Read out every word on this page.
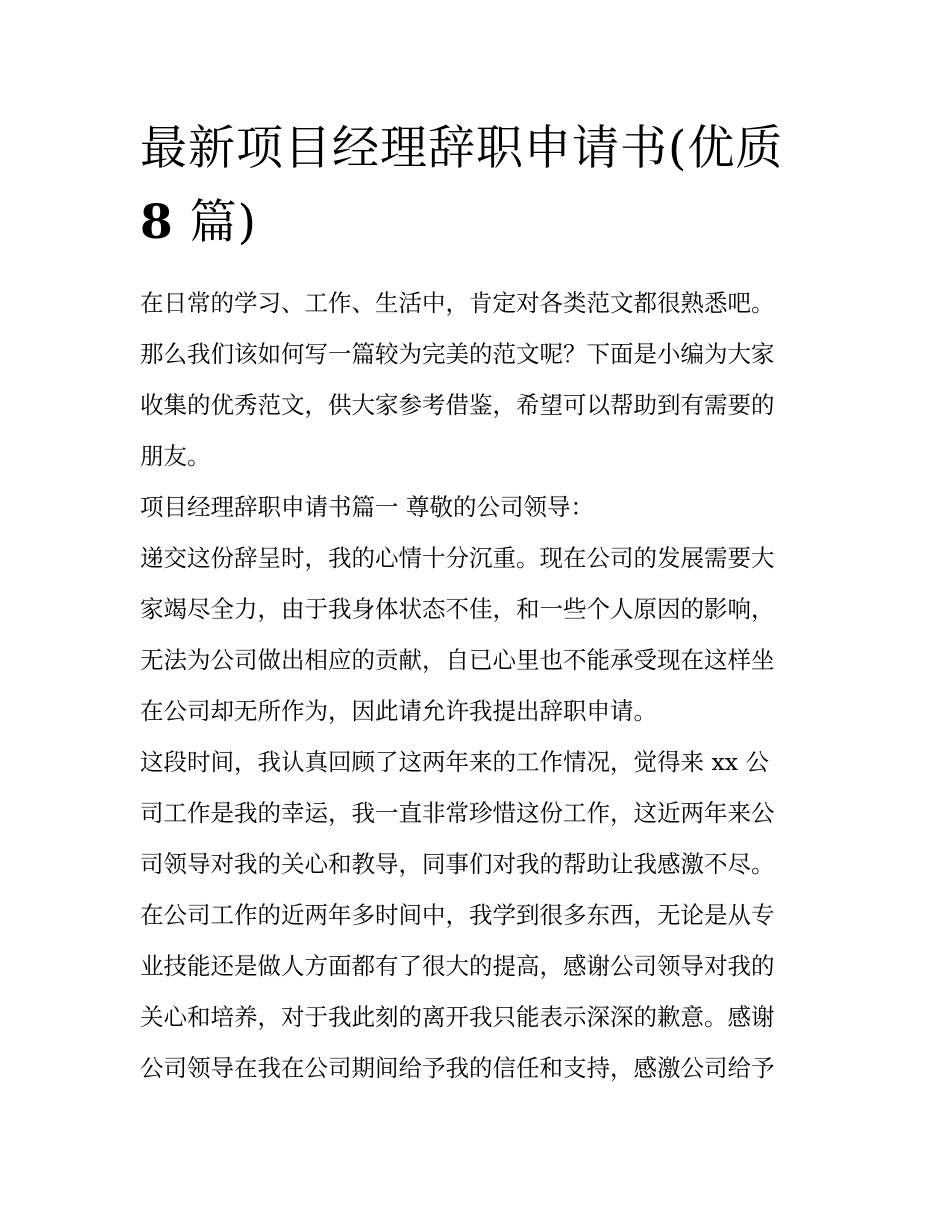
最新项目经理辞职申请书(优质
8 篇)
在日常的学习、工作、生活中，肯定对各类范文都很熟悉吧。
那么我们该如何写一篇较为完美的范文呢？下面是小编为大家
收集的优秀范文，供大家参考借鉴，希望可以帮助到有需要的
朋友。
项目经理辞职申请书篇一 尊敬的公司领导：
递交这份辞呈时，我的心情十分沉重。现在公司的发展需要大
家竭尽全力，由于我身体状态不佳，和一些个人原因的影响，
无法为公司做出相应的贡献，自已心里也不能承受现在这样坐
在公司却无所作为，因此请允许我提出辞职申请。
这段时间，我认真回顾了这两年来的工作情况，觉得来 xx 公
司工作是我的幸运，我一直非常珍惜这份工作，这近两年来公
司领导对我的关心和教导，同事们对我的帮助让我感激不尽。
在公司工作的近两年多时间中，我学到很多东西，无论是从专
业技能还是做人方面都有了很大的提高，感谢公司领导对我的
关心和培养，对于我此刻的离开我只能表示深深的歉意。感谢
公司领导在我在公司期间给予我的信任和支持，感激公司给予
